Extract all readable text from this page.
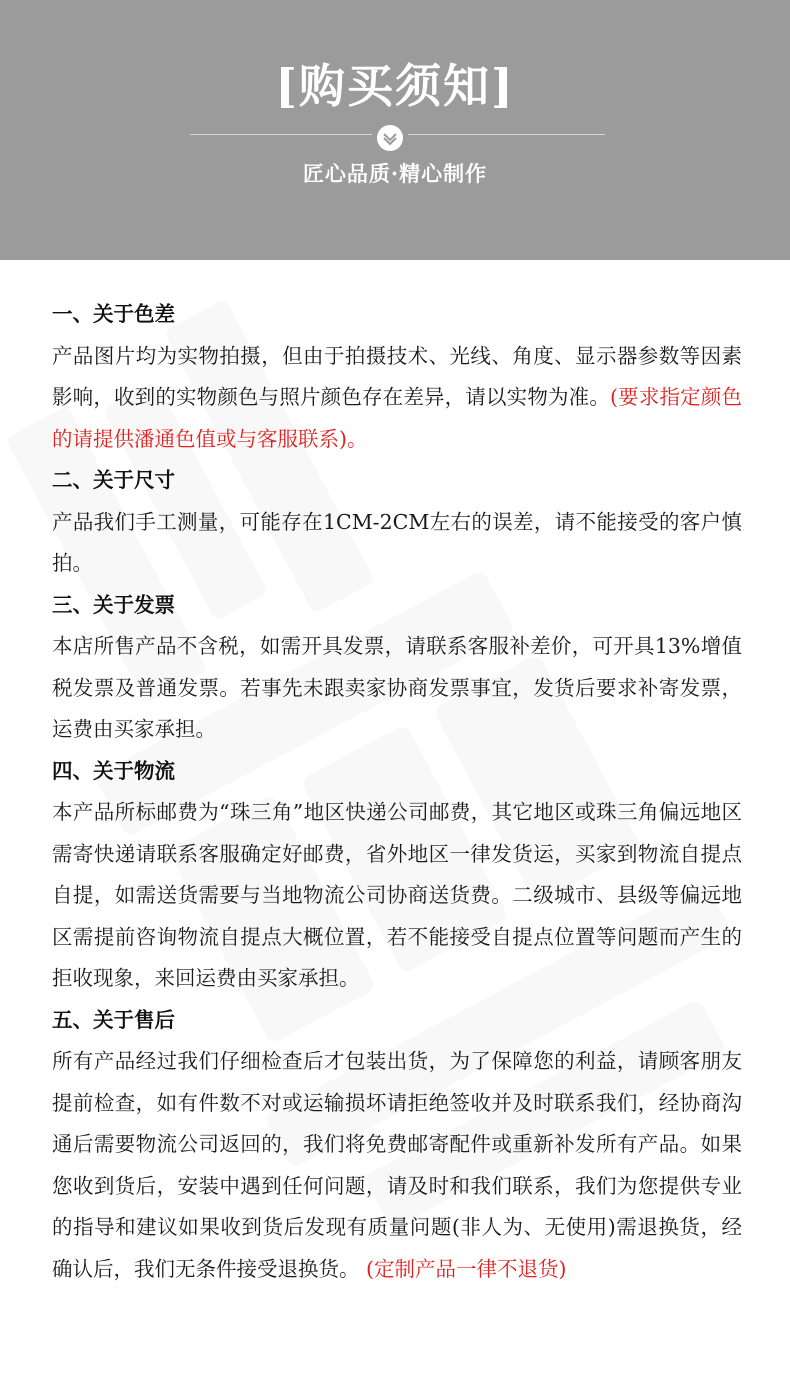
[购买须知]
匠心品质·精心制作
一、关于色差
产品图片均为实物拍摄，但由于拍摄技术、光线、角度、显示器参数等因素影响，收到的实物颜色与照片颜色存在差异，请以实物为准。(要求指定颜色的请提供潘通色值或与客服联系)。
二、关于尺寸
产品我们手工测量，可能存在1CM-2CM左右的误差，请不能接受的客户慎拍。
三、关于发票
本店所售产品不含税，如需开具发票，请联系客服补差价，可开具13%增值税发票及普通发票。若事先未跟卖家协商发票事宜，发货后要求补寄发票，运费由买家承担。
四、关于物流
本产品所标邮费为“珠三角”地区快递公司邮费，其它地区或珠三角偏远地区需寄快递请联系客服确定好邮费，省外地区一律发货运，买家到物流自提点自提，如需送货需要与当地物流公司协商送货费。二级城市、县级等偏远地区需提前咨询物流自提点大概位置，若不能接受自提点位置等问题而产生的拒收现象，来回运费由买家承担。
五、关于售后
所有产品经过我们仔细检查后才包装出货，为了保障您的利益，请顾客朋友提前检查，如有件数不对或运输损坏请拒绝签收并及时联系我们，经协商沟通后需要物流公司返回的，我们将免费邮寄配件或重新补发所有产品。如果您收到货后，安装中遇到任何问题，请及时和我们联系，我们为您提供专业的指导和建议如果收到货后发现有质量问题(非人为、无使用)需退换货，经确认后，我们无条件接受退换货。 (定制产品一律不退货)
